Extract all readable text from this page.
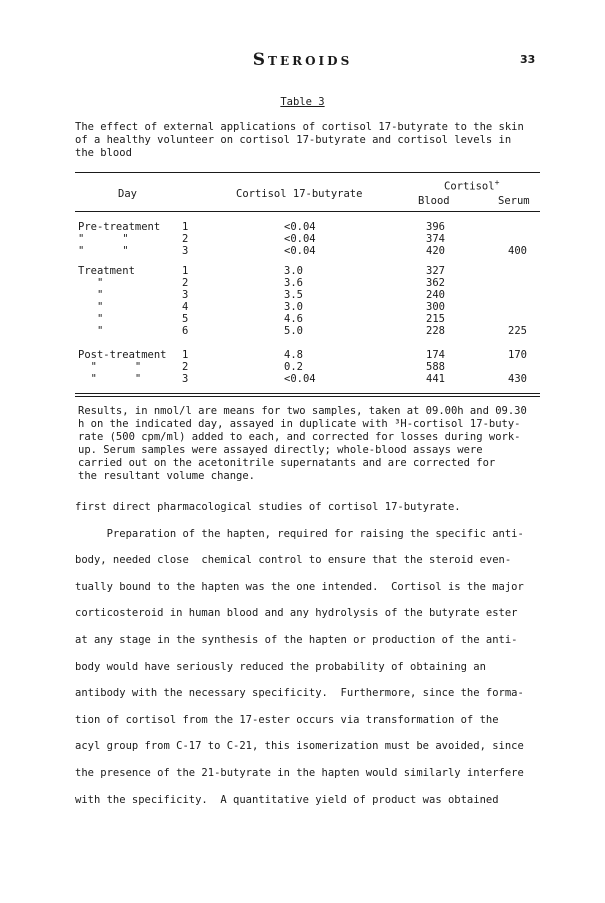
Steroids	33
Table 3
The effect of external applications of cortisol 17-butyrate to the skin
of a healthy volunteer on cortisol 17-butyrate and cortisol levels in
the blood
Day	Cortisol 17-butyrate
Cortisol+
Blood	Serum
Pre-treatment 1	<0.04	396
"      "	2	<0.04	374
"      "	3	<0.04	420	400
Treatment	1	3.0	327
"	2	3.6	362
"	3	3.5	240
"	4	3.0	300
"	5	4.6	215
"	6	5.0	228	225
Post-treatment 1	4.8	174	170
"      "	2	0.2	588
"      "	3	<0.04	441	430
Results, in nmol/l are means for two samples, taken at 09.00h and 09.30
h on the indicated day, assayed in duplicate with ³H-cortisol 17-buty-
rate (500 cpm/ml) added to each, and corrected for losses during work-
up. Serum samples were assayed directly; whole-blood assays were
carried out on the acetonitrile supernatants and are corrected for
the resultant volume change.
first direct pharmacological studies of cortisol 17-butyrate.
Preparation of the hapten, required for raising the specific anti-
body, needed close  chemical control to ensure that the steroid even-
tually bound to the hapten was the one intended.  Cortisol is the major
corticosteroid in human blood and any hydrolysis of the butyrate ester
at any stage in the synthesis of the hapten or production of the anti-
body would have seriously reduced the probability of obtaining an
antibody with the necessary specificity.  Furthermore, since the forma-
tion of cortisol from the 17-ester occurs via transformation of the
acyl group from C-17 to C-21, this isomerization must be avoided, since
the presence of the 21-butyrate in the hapten would similarly interfere
with the specificity.  A quantitative yield of product was obtained
